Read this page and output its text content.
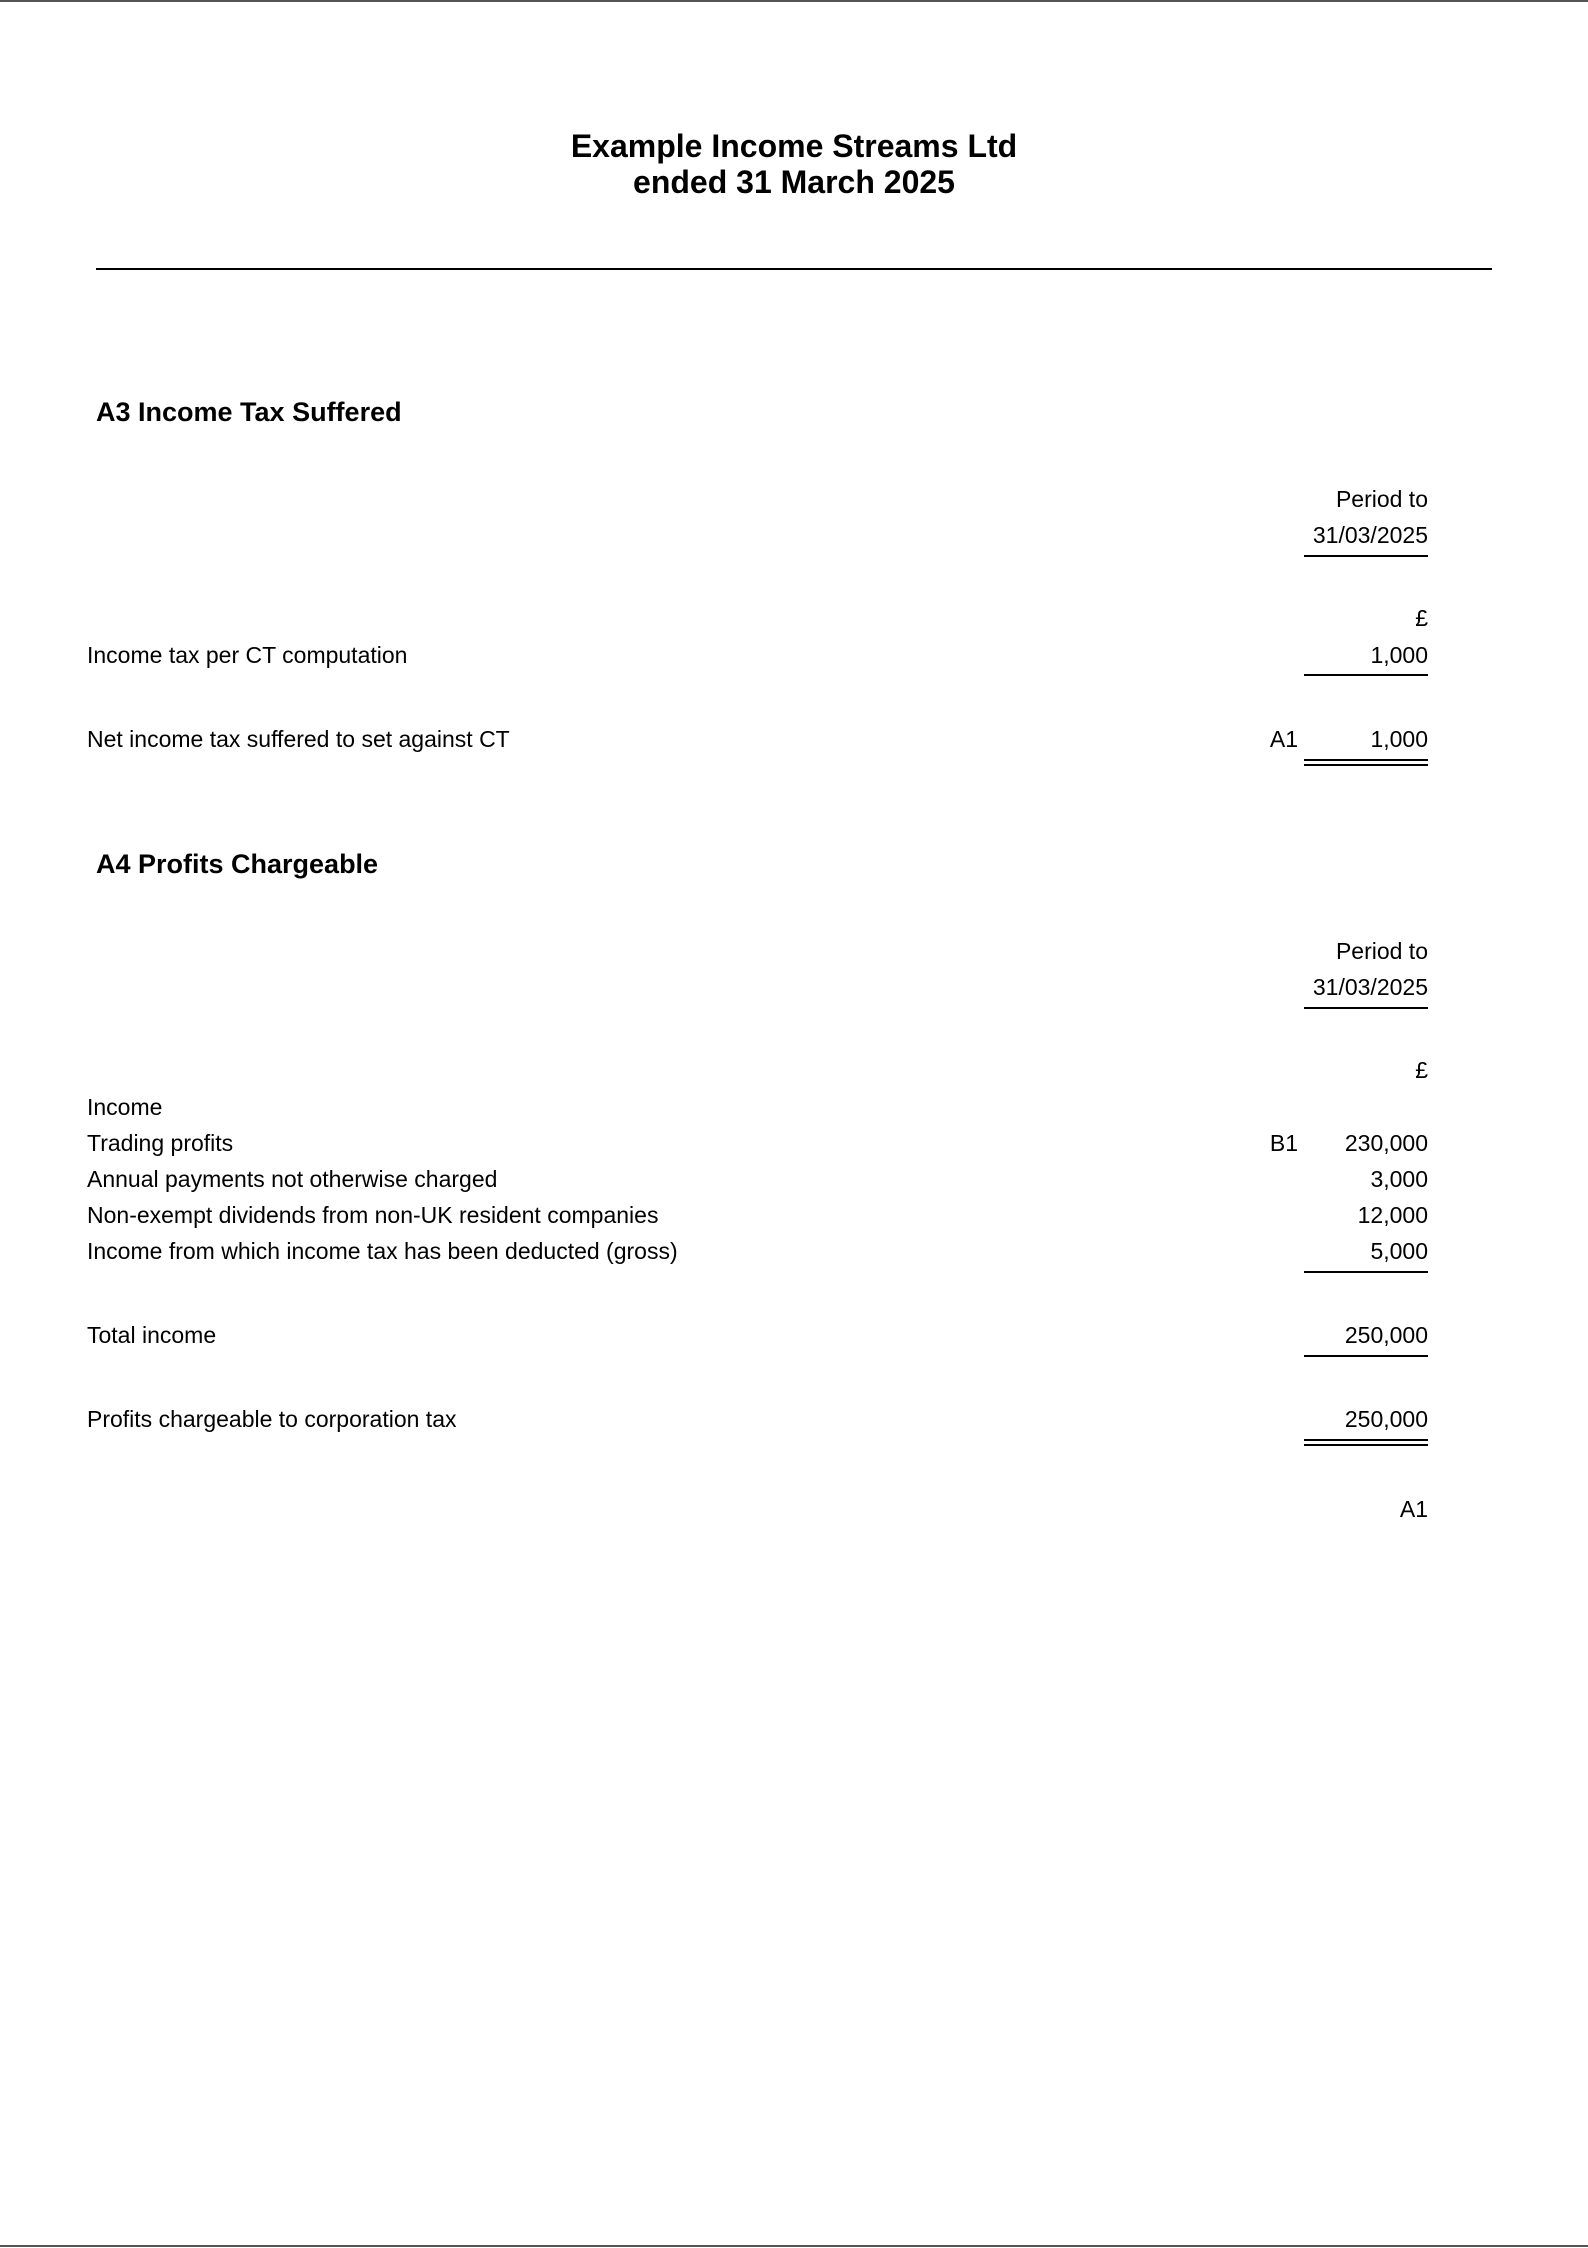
Example Income Streams Ltd
ended 31 March 2025
A3 Income Tax Suffered
Period to
31/03/2025
£
Income tax per CT computation	1,000
Net income tax suffered to set against CT	A1	1,000
A4 Profits Chargeable
Period to
31/03/2025
£
Income
Trading profits	B1	230,000
Annual payments not otherwise charged	3,000
Non-exempt dividends from non-UK resident companies	12,000
Income from which income tax has been deducted (gross)	5,000
Total income	250,000
Profits chargeable to corporation tax	250,000
A1
